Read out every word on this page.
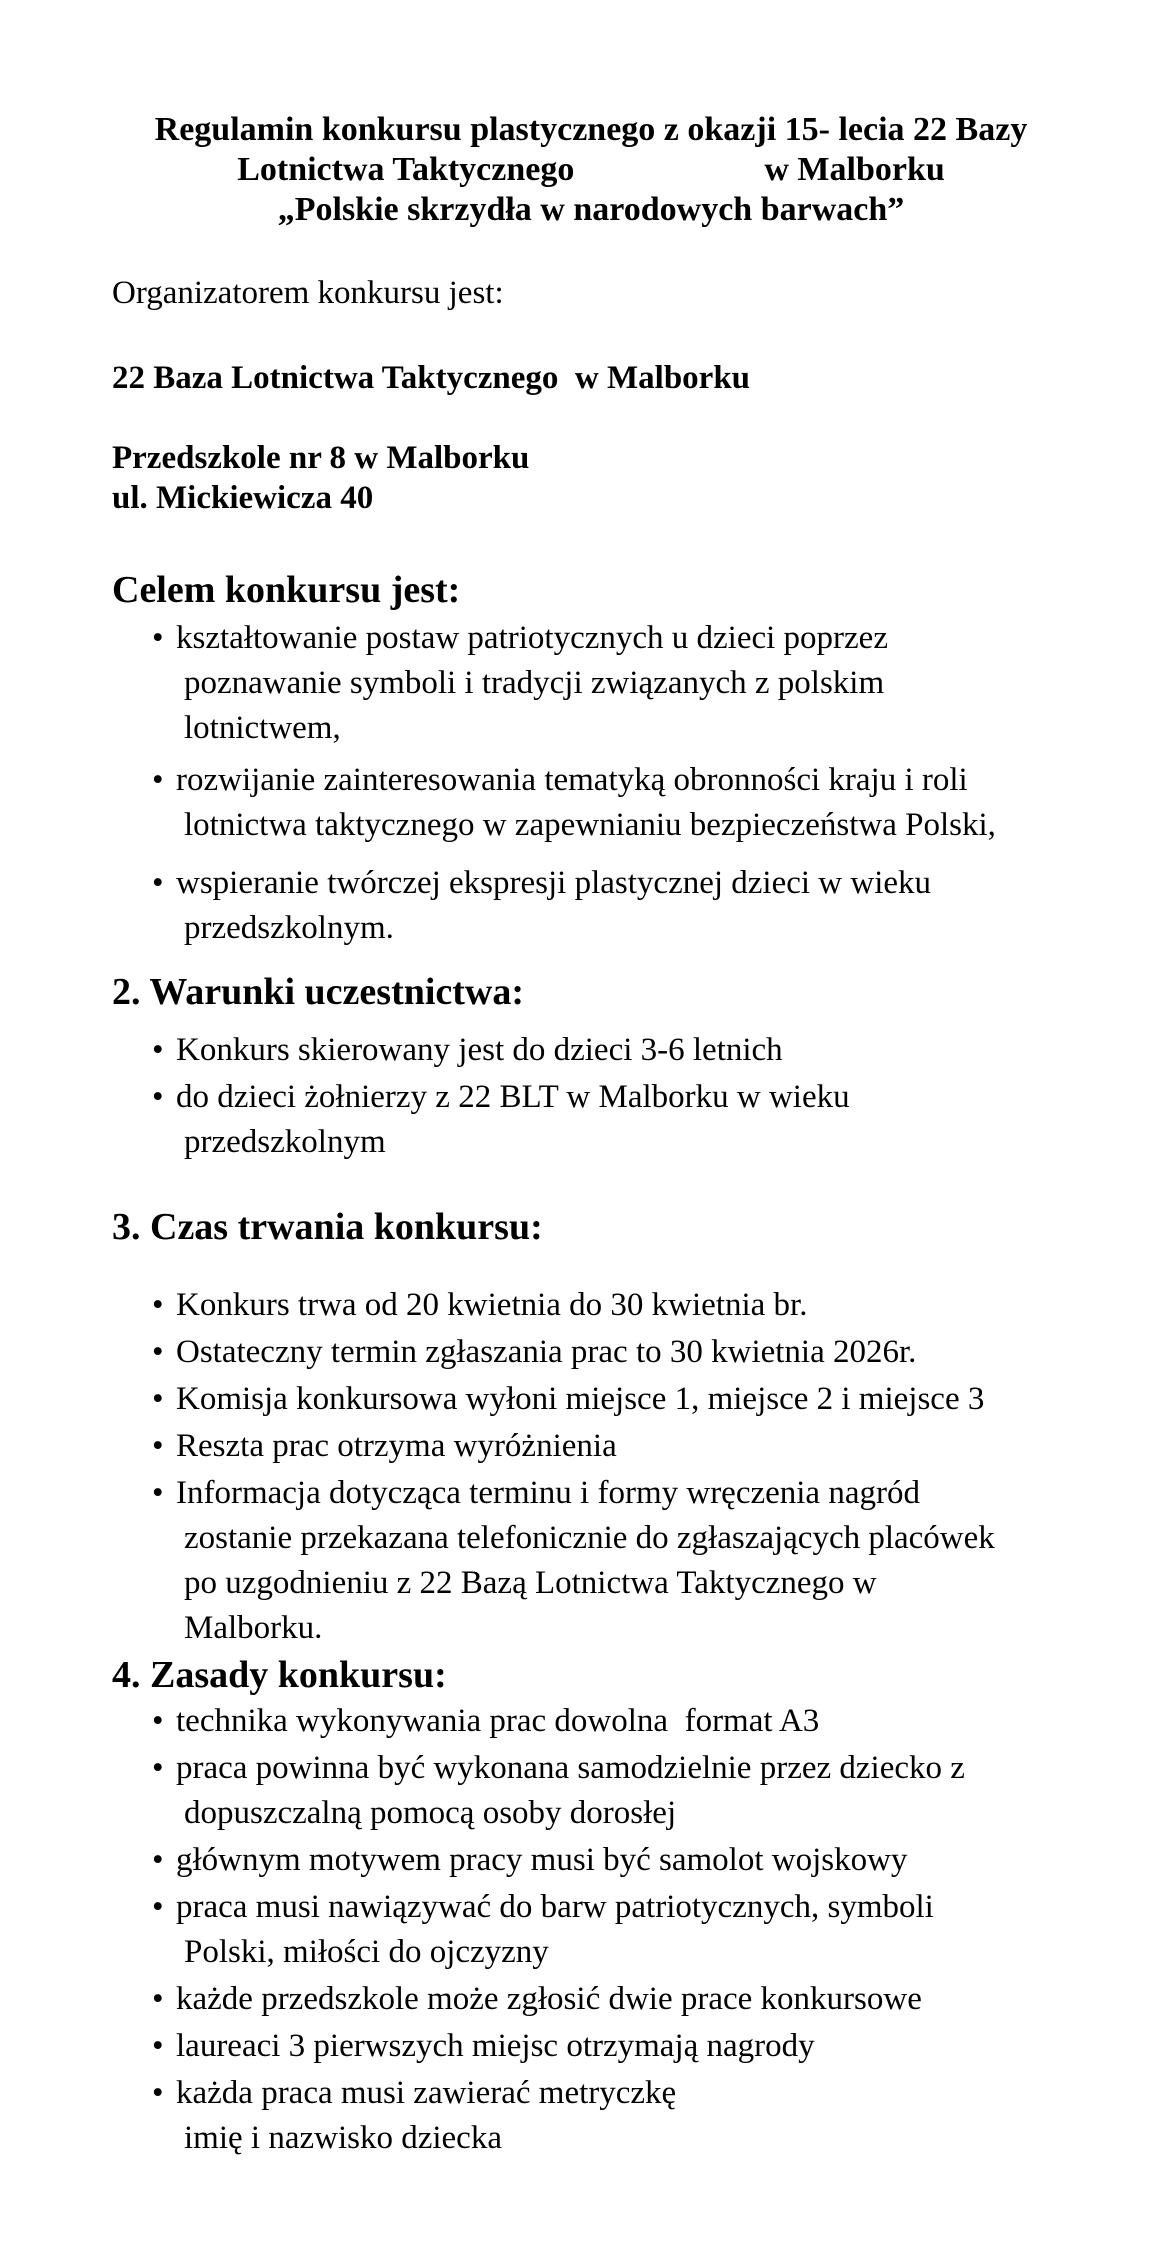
Regulamin konkursu plastycznego z okazji 15- lecia 22 Bazy
Lotnictwa Taktycznego	w Malborku
„Polskie skrzydła w narodowych barwach”
Organizatorem konkursu jest:
22 Baza Lotnictwa Taktycznego  w Malborku
Przedszkole nr 8 w Malborku
ul. Mickiewicza 40
Celem konkursu jest:
• kształtowanie postaw patriotycznych u dzieci poprzez
poznawanie symboli i tradycji związanych z polskim
lotnictwem,
• rozwijanie zainteresowania tematyką obronności kraju i roli
lotnictwa taktycznego w zapewnianiu bezpieczeństwa Polski,
• wspieranie twórczej ekspresji plastycznej dzieci w wieku
przedszkolnym.
2. Warunki uczestnictwa:
• Konkurs skierowany jest do dzieci 3-6 letnich
• do dzieci żołnierzy z 22 BLT w Malborku w wieku
przedszkolnym
3. Czas trwania konkursu:
• Konkurs trwa od 20 kwietnia do 30 kwietnia br.
• Ostateczny termin zgłaszania prac to 30 kwietnia 2026r.
• Komisja konkursowa wyłoni miejsce 1, miejsce 2 i miejsce 3
• Reszta prac otrzyma wyróżnienia
• Informacja dotycząca terminu i formy wręczenia nagród
zostanie przekazana telefonicznie do zgłaszających placówek
po uzgodnieniu z 22 Bazą Lotnictwa Taktycznego w
Malborku.
4. Zasady konkursu:
• technika wykonywania prac dowolna  format A3
• praca powinna być wykonana samodzielnie przez dziecko z
dopuszczalną pomocą osoby dorosłej
• głównym motywem pracy musi być samolot wojskowy
• praca musi nawiązywać do barw patriotycznych, symboli
Polski, miłości do ojczyzny
• każde przedszkole może zgłosić dwie prace konkursowe
• laureaci 3 pierwszych miejsc otrzymają nagrody
• każda praca musi zawierać metryczkę
imię i nazwisko dziecka
